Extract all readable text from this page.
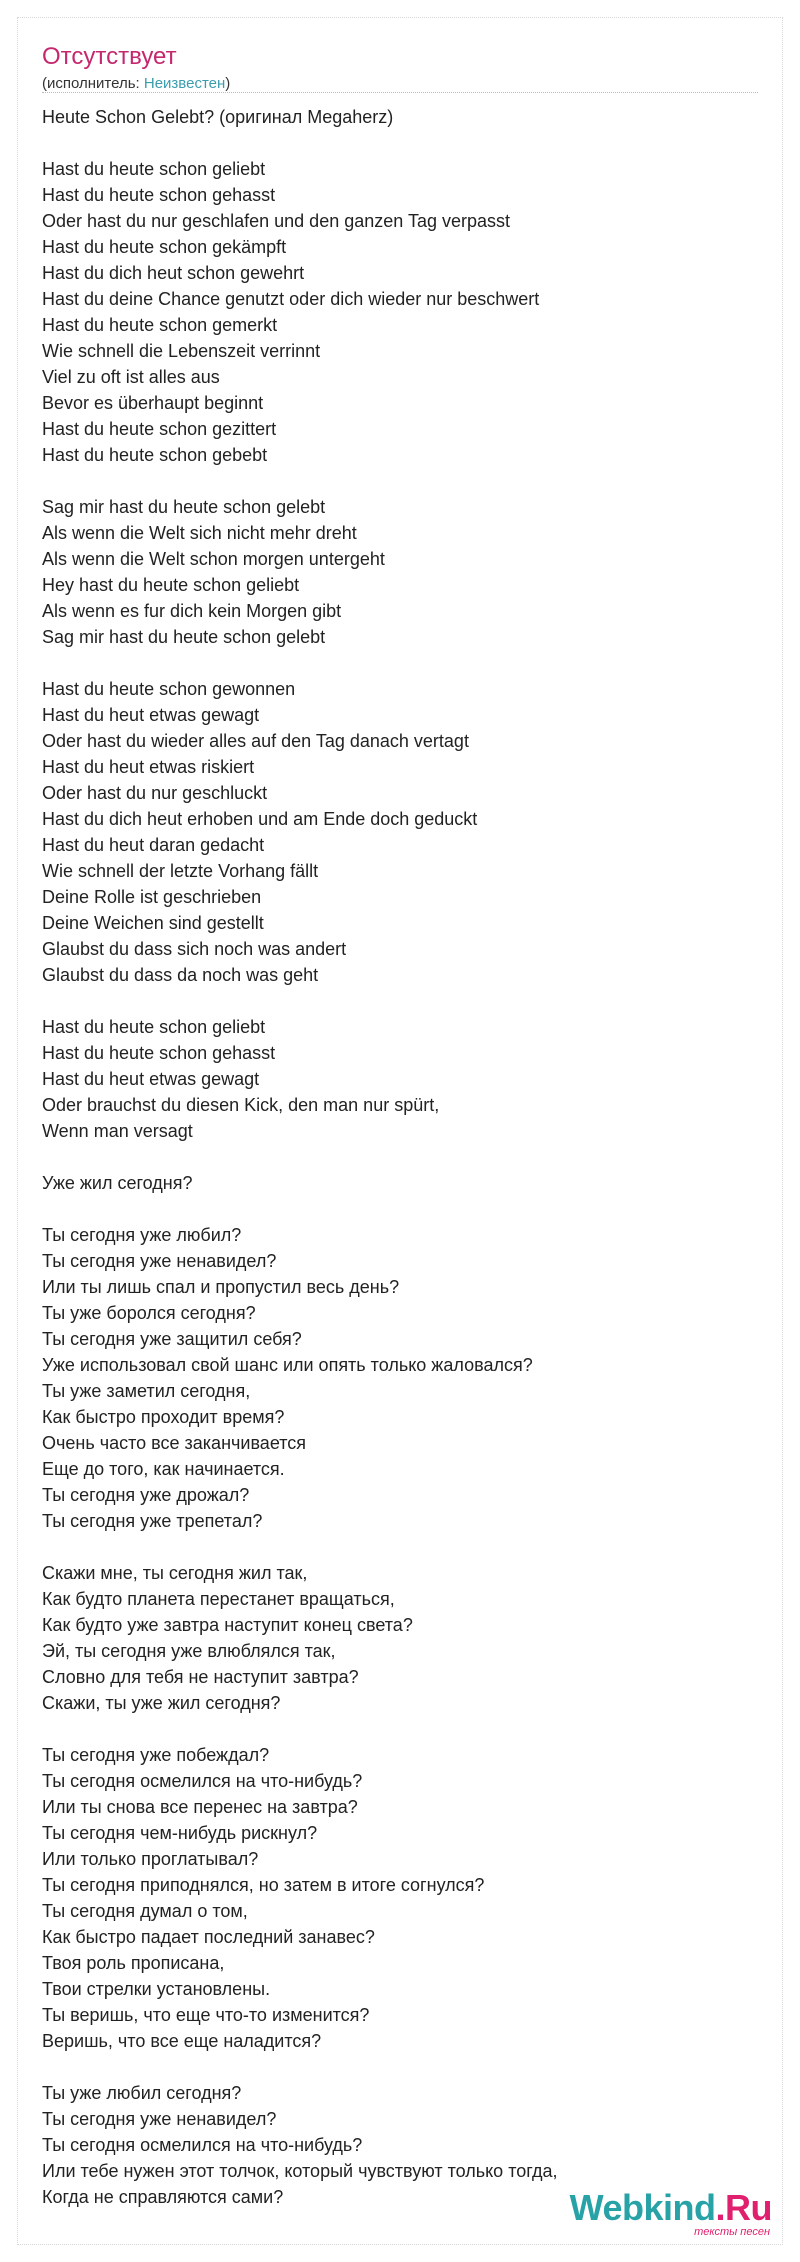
Отсутствует
(исполнитель: Неизвестен)
Heute Schon Gelebt? (оригинал Megaherz)
Hast du heute schon geliebt
Hast du heute schon gehasst
Oder hast du nur geschlafen und den ganzen Tag verpasst
Hast du heute schon gekämpft
Hast du dich heut schon gewehrt
Hast du deine Chance genutzt oder dich wieder nur beschwert
Hast du heute schon gemerkt
Wie schnell die Lebenszeit verrinnt
Viel zu oft ist alles aus
Bevor es überhaupt beginnt
Hast du heute schon gezittert
Hast du heute schon gebebt
Sag mir hast du heute schon gelebt
Als wenn die Welt sich nicht mehr dreht
Als wenn die Welt schon morgen untergeht
Hey hast du heute schon geliebt
Als wenn es fur dich kein Morgen gibt
Sag mir hast du heute schon gelebt
Hast du heute schon gewonnen
Hast du heut etwas gewagt
Oder hast du wieder alles auf den Tag danach vertagt
Hast du heut etwas riskiert
Oder hast du nur geschluckt
Hast du dich heut erhoben und am Ende doch geduckt
Hast du heut daran gedacht
Wie schnell der letzte Vorhang fällt
Deine Rolle ist geschrieben
Deine Weichen sind gestellt
Glaubst du dass sich noch was andert
Glaubst du dass da noch was geht
Hast du heute schon geliebt
Hast du heute schon gehasst
Hast du heut etwas gewagt
Oder brauchst du diesen Kick, den man nur spürt,
Wenn man versagt
Уже жил сегодня?
Ты сегодня уже любил?
Ты сегодня уже ненавидел?
Или ты лишь спал и пропустил весь день?
Ты уже боролся сегодня?
Ты сегодня уже защитил себя?
Уже использовал свой шанс или опять только жаловался?
Ты уже заметил сегодня,
Как быстро проходит время?
Очень часто все заканчивается
Еще до того, как начинается.
Ты сегодня уже дрожал?
Ты сегодня уже трепетал?
Скажи мне, ты сегодня жил так,
Как будто планета перестанет вращаться,
Как будто уже завтра наступит конец света?
Эй, ты сегодня уже влюблялся так,
Словно для тебя не наступит завтра?
Скажи, ты уже жил сегодня?
Ты сегодня уже побеждал?
Ты сегодня осмелился на что-нибудь?
Или ты снова все перенес на завтра?
Ты сегодня чем-нибудь рискнул?
Или только проглатывал?
Ты сегодня приподнялся, но затем в итоге согнулся?
Ты сегодня думал о том,
Как быстро падает последний занавес?
Твоя роль прописана,
Твои стрелки установлены.
Ты веришь, что еще что-то изменится?
Веришь, что все еще наладится?
Ты уже любил сегодня?
Ты сегодня уже ненавидел?
Ты сегодня осмелился на что-нибудь?
Или тебе нужен этот толчок, который чувствуют только тогда,
Когда не справляются сами?	Webkind.Ru
тексты песен
